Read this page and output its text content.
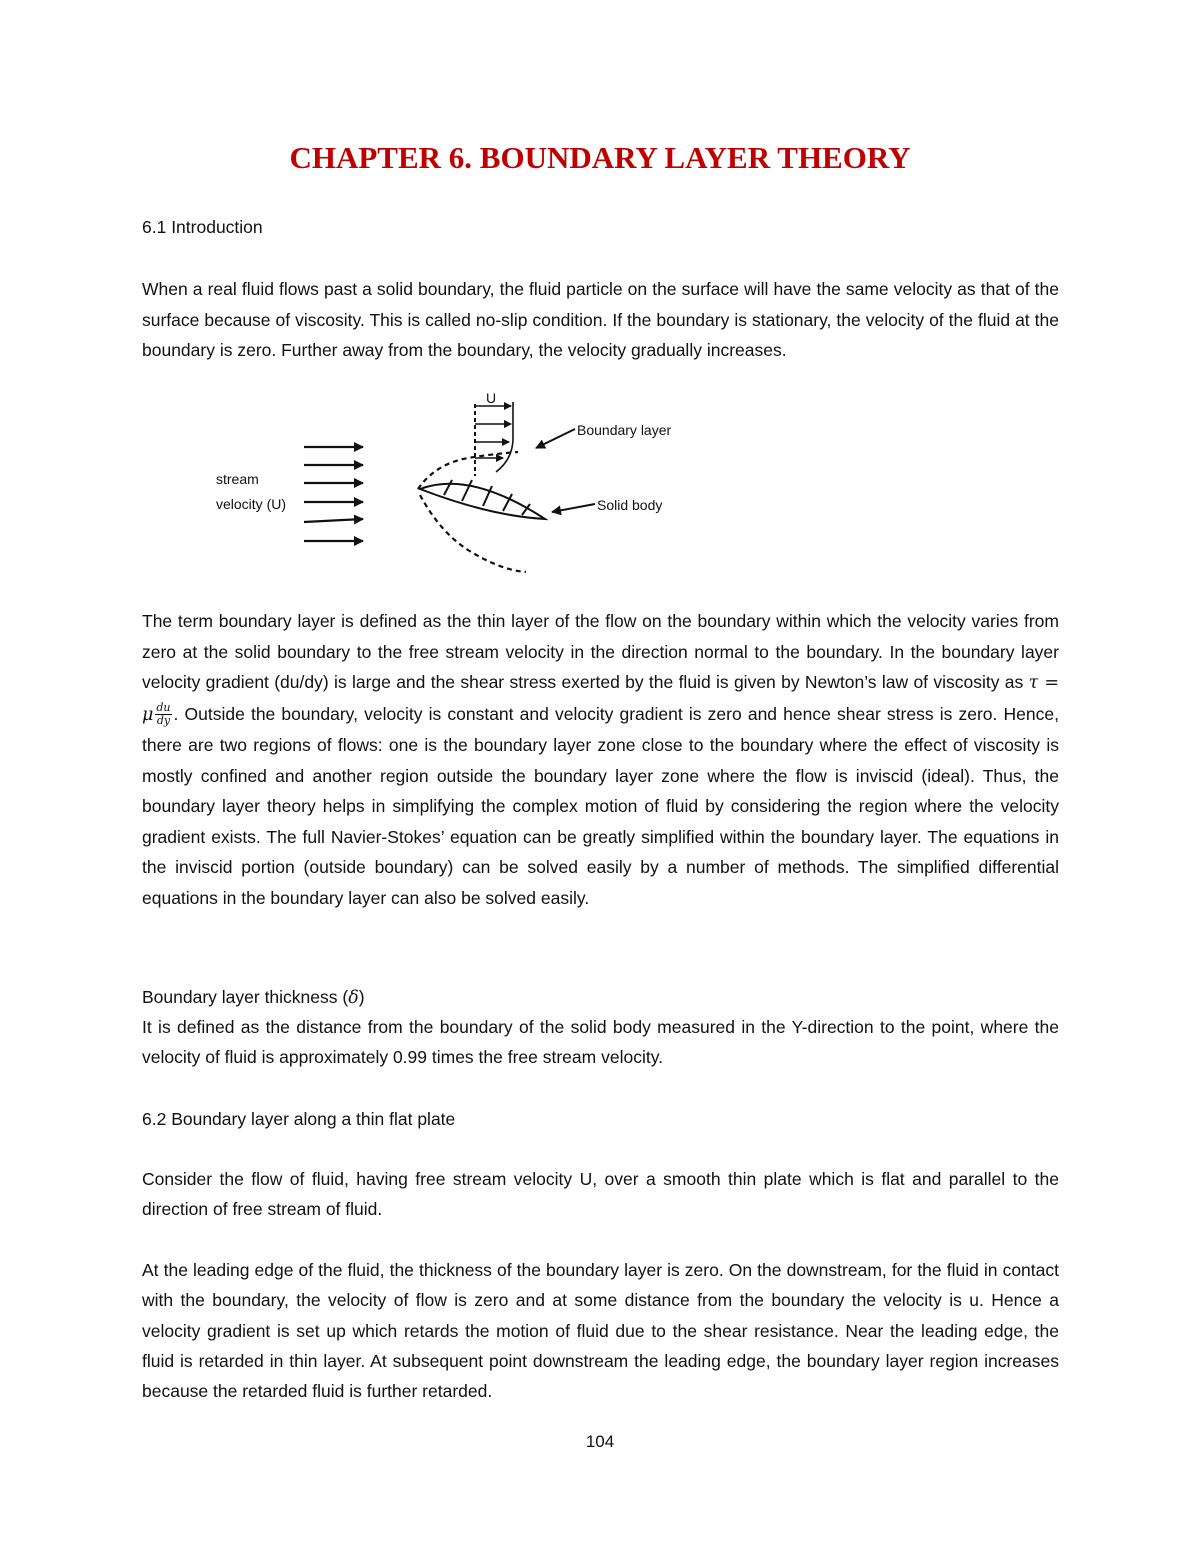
CHAPTER 6. BOUNDARY LAYER THEORY

6.1 Introduction

When a real fluid flows past a solid boundary, the fluid particle on the surface will have the same velocity as that of the surface because of viscosity. This is called no-slip condition. If the boundary is stationary, the velocity of the fluid at the boundary is zero. Further away from the boundary, the velocity gradually increases.

stream
velocity (U)
U
Boundary layer
Solid body

The term boundary layer is defined as the thin layer of the flow on the boundary within which the velocity varies from zero at the solid boundary to the free stream velocity in the direction normal to the boundary. In the boundary layer velocity gradient (du/dy) is large and the shear stress exerted by the fluid is given by Newton’s law of viscosity as τ = μ $\frac{du}{dy}$ . Outside the boundary, velocity is constant and velocity gradient is zero and hence shear stress is zero. Hence, there are two regions of flows: one is the boundary layer zone close to the boundary where the effect of viscosity is mostly confined and another region outside the boundary layer zone where the flow is inviscid (ideal). Thus, the boundary layer theory helps in simplifying the complex motion of fluid by considering the region where the velocity gradient exists. The full Navier-Stokes’ equation can be greatly simplified within the boundary layer. The equations in the inviscid portion (outside boundary) can be solved easily by a number of methods. The simplified differential equations in the boundary layer can also be solved easily.

Boundary layer thickness (δ)

It is defined as the distance from the boundary of the solid body measured in the Y-direction to the point, where the velocity of fluid is approximately 0.99 times the free stream velocity.

6.2 Boundary layer along a thin flat plate

Consider the flow of fluid, having free stream velocity U, over a smooth thin plate which is flat and parallel to the direction of free stream of fluid.

At the leading edge of the fluid, the thickness of the boundary layer is zero. On the downstream, for the fluid in contact with the boundary, the velocity of flow is zero and at some distance from the boundary the velocity is u. Hence a velocity gradient is set up which retards the motion of fluid due to the shear resistance. Near the leading edge, the fluid is retarded in thin layer. At subsequent point downstream the leading edge, the boundary layer region increases because the retarded fluid is further retarded.

104
